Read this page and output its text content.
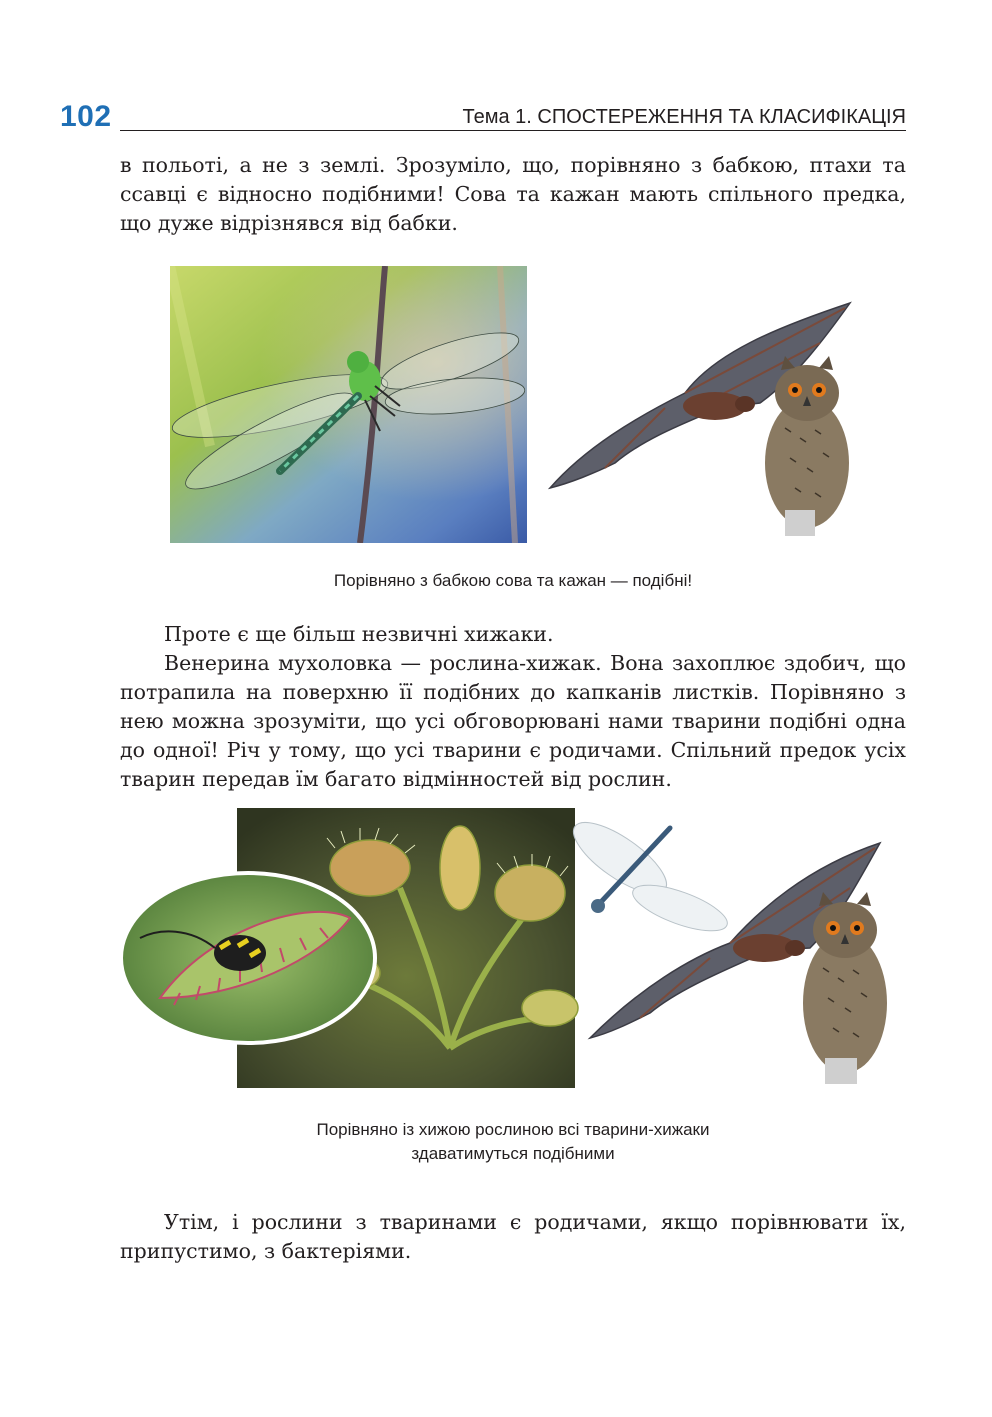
102	Тема 1. СПОСТЕРЕЖЕННЯ ТА КЛАСИФІКАЦІЯ

в польоті, а не з землі. Зрозуміло, що, порівняно з бабкою, птахи та ссавці є відносно подібними! Сова та кажан мають спільного предка, що дуже відрізнявся від бабки.

Порівняно з бабкою сова та кажан — подібні!

Проте є ще більш незвичні хижаки.

Венерина мухоловка — рослина-хижак. Вона захоплює здобич, що потрапила на поверхню її подібних до капканів листків. Порівняно з нею можна зрозуміти, що усі обговорювані нами тварини подібні одна до одної! Річ у тому, що усі тварини є родичами. Спільний предок усіх тварин передав їм багато відмінностей від рослин.

Порівняно із хижою рослиною всі тварини-хижаки
здаватимуться подібними

Утім, і рослини з тваринами є родичами, якщо порівнювати їх, припустимо, з бактеріями.
